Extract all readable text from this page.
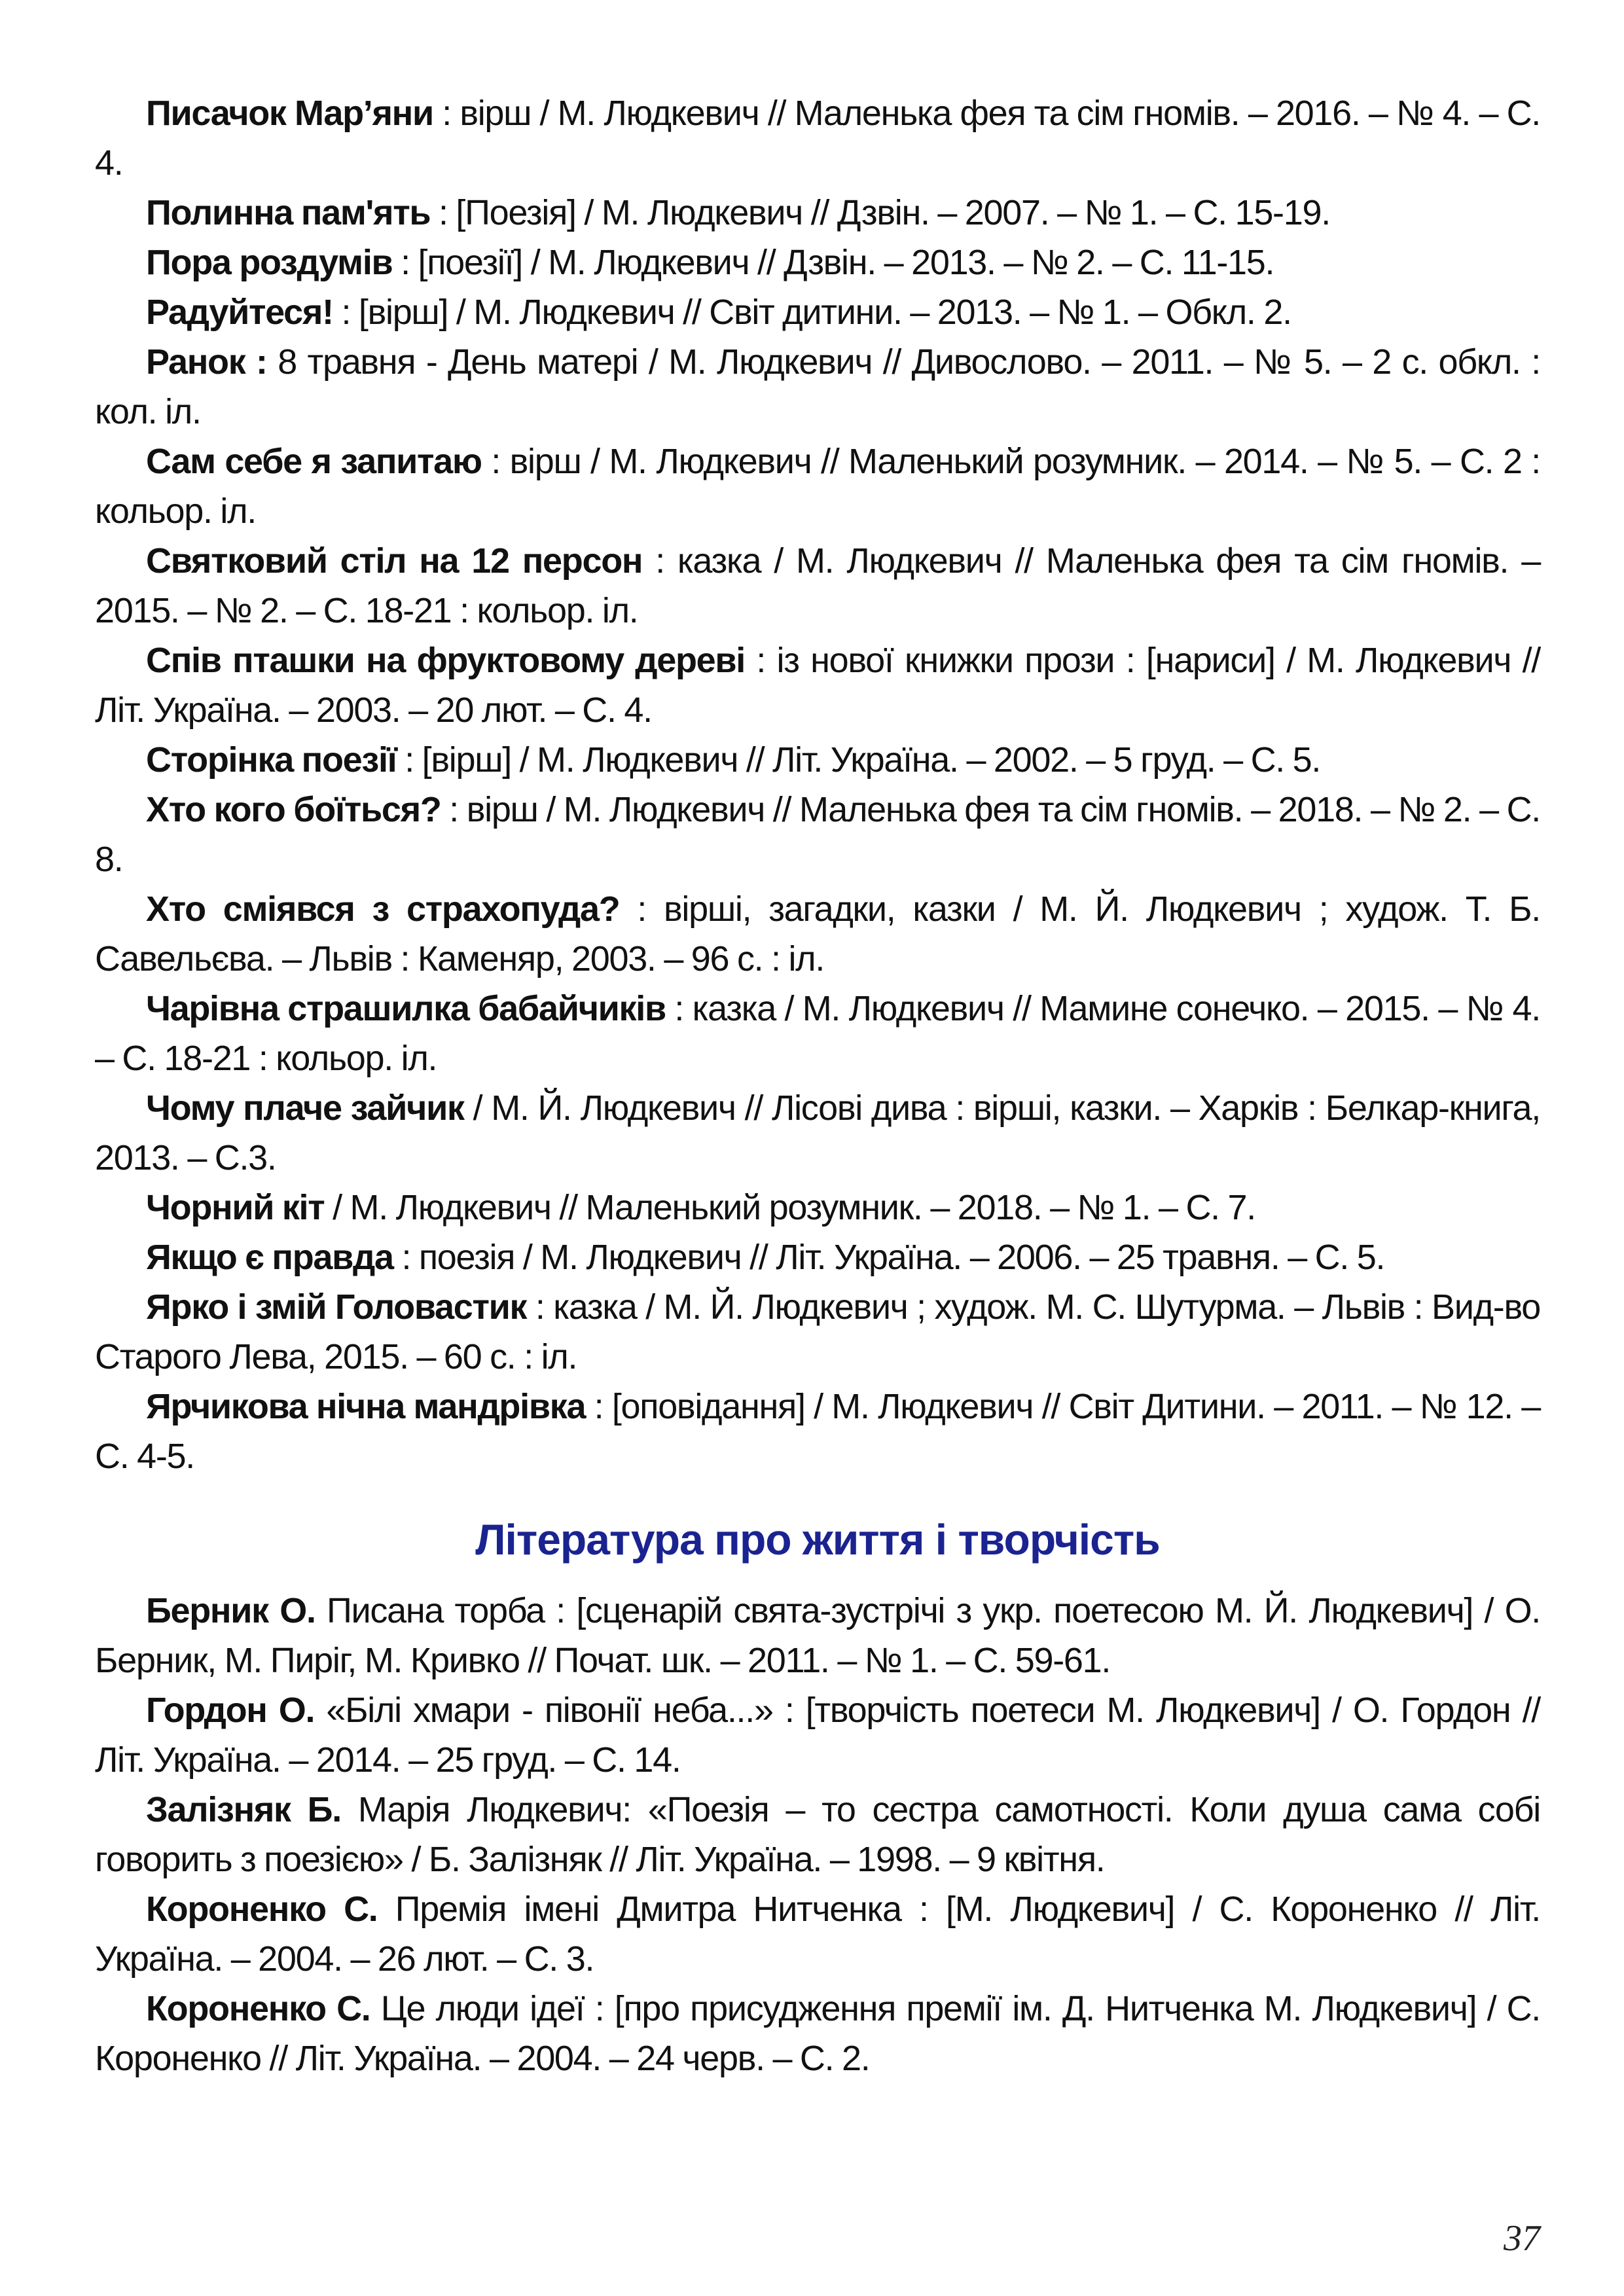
Писачок Мар’яни : вірш / М. Людкевич // Маленька фея та сім гномів. – 2016. – № 4. – С. 4.

Полинна пам'ять : [Поезія] / М. Людкевич // Дзвін. – 2007. – № 1. – С. 15-19.

Пора роздумів : [поезії] / М. Людкевич // Дзвін. – 2013. – № 2. – С. 11-15.

Радуйтеся! : [вірш] / М. Людкевич // Світ дитини. – 2013. – № 1. – Обкл. 2.

Ранок : 8 травня - День матері / М. Людкевич // Дивослово. – 2011. – № 5. – 2 с. обкл. : кол. іл.

Сам себе я запитаю : вірш / М. Людкевич // Маленький розумник. – 2014. – № 5. – С. 2 : кольор. іл.

Святковий стіл на 12 персон : казка / М. Людкевич // Маленька фея та сім гномів. – 2015. – № 2. – С. 18-21 : кольор. іл.

Спів пташки на фруктовому дереві : із нової книжки прози : [нариси] / М. Людкевич // Літ. Україна. – 2003. – 20 лют. – С. 4.

Сторінка поезії : [вірш] / М. Людкевич // Літ. Україна. – 2002. – 5 груд. – С. 5.

Хто кого боїться? : вірш / М. Людкевич // Маленька фея та сім гномів. – 2018. – № 2. – С. 8.

Хто сміявся з страхопуда? : вірші, загадки, казки / М. Й. Людкевич ; худож. Т. Б. Савельєва. – Львів : Каменяр, 2003. – 96 с. : іл.

Чарівна страшилка бабайчиків : казка / М. Людкевич // Мамине сонечко. – 2015. – № 4. – С. 18-21 : кольор. іл.

Чому плаче зайчик / М. Й. Людкевич // Лісові дива : вірші, казки. – Харків : Белкар-книга, 2013. – С.3.

Чорний кіт / М. Людкевич // Маленький розумник. – 2018. – № 1. – С. 7.

Якщо є правда : поезія / М. Людкевич // Літ. Україна. – 2006. – 25 травня. – С. 5.

Ярко і змій Головастик : казка / М. Й. Людкевич ; худож. М. С. Шутурма. – Львів : Вид-во Старого Лева, 2015. – 60 с. : іл.

Ярчикова нічна мандрівка : [оповідання] / М. Людкевич // Світ Дитини. – 2011. – № 12. – С. 4-5.

Література про життя і творчість

Берник О. Писана торба : [сценарій свята-зустрічі з укр. поетесою М. Й. Людкевич] / О. Берник, М. Пиріг, М. Кривко // Почат. шк. – 2011. – № 1. – С. 59-61.

Гордон О. «Білі хмари - півонії неба...» : [творчість поетеси М. Людкевич] / О. Гордон // Літ. Україна. – 2014. – 25 груд. – С. 14.

Залізняк Б. Марія Людкевич: «Поезія – то сестра самотності. Коли душа сама собі говорить з поезією» / Б. Залізняк // Літ. Україна. – 1998. – 9 квітня.

Короненко С. Премія імені Дмитра Нитченка : [М. Людкевич] / С. Короненко // Літ. Україна. – 2004. – 26 лют. – С. 3.

Короненко С. Це люди ідеї : [про присудження премії ім. Д. Нитченка М. Людкевич] / С. Короненко // Літ. Україна. – 2004. – 24 черв. – С. 2.

37
